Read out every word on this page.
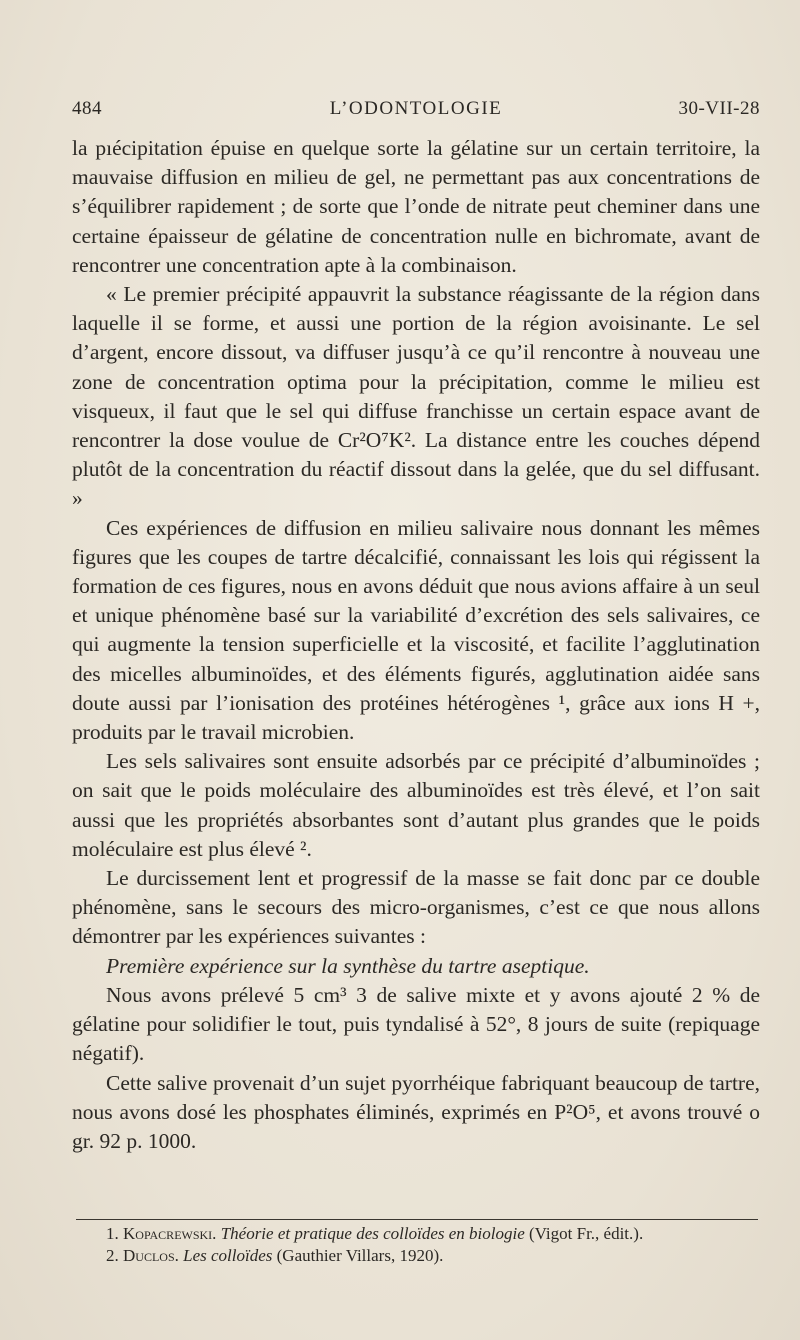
L’ODONTOLOGIE
484	30-VII-28

la pıécipitation épuise en quelque sorte la gélatine sur un certain territoire, la mauvaise diffusion en milieu de gel, ne permettant pas aux concentrations de s’équilibrer rapidement ; de sorte que l’onde de nitrate peut cheminer dans une certaine épaisseur de gélatine de concentration nulle en bichromate, avant de rencontrer une concentration apte à la combinaison.

« Le premier précipité appauvrit la substance réagissante de la région dans laquelle il se forme, et aussi une portion de la région avoisinante. Le sel d’argent, encore dissout, va diffuser jusqu’à ce qu’il rencontre à nouveau une zone de concentration optima pour la précipitation, comme le milieu est visqueux, il faut que le sel qui diffuse franchisse un certain espace avant de rencontrer la dose voulue de Cr²O⁷K². La distance entre les couches dépend plutôt de la concentration du réactif dissout dans la gelée, que du sel diffusant. »

Ces expériences de diffusion en milieu salivaire nous donnant les mêmes figures que les coupes de tartre décalcifié, connaissant les lois qui régissent la formation de ces figures, nous en avons déduit que nous avions affaire à un seul et unique phénomène basé sur la variabilité d’excrétion des sels salivaires, ce qui augmente la tension superficielle et la viscosité, et facilite l’agglutination des micelles albuminoïdes, et des éléments figurés, agglutination aidée sans doute aussi par l’ionisation des protéines hétérogènes ¹, grâce aux ions H +, produits par le travail microbien.

Les sels salivaires sont ensuite adsorbés par ce précipité d’albuminoïdes ; on sait que le poids moléculaire des albuminoïdes est très élevé, et l’on sait aussi que les propriétés absorbantes sont d’autant plus grandes que le poids moléculaire est plus élevé ².

Le durcissement lent et progressif de la masse se fait donc par ce double phénomène, sans le secours des micro-organismes, c’est ce que nous allons démontrer par les expériences suivantes :

Première expérience sur la synthèse du tartre aseptique.

Nous avons prélevé 5 cm³ 3 de salive mixte et y avons ajouté 2 % de gélatine pour solidifier le tout, puis tyndalisé à 52°, 8 jours de suite (repiquage négatif).

Cette salive provenait d’un sujet pyorrhéique fabriquant beaucoup de tartre, nous avons dosé les phosphates éliminés, exprimés en P²O⁵, et avons trouvé o gr. 92 p. 1000.

1. Kopacrewski. Théorie et pratique des colloïdes en biologie (Vigot Fr., édit.).
2. Duclos. Les colloïdes (Gauthier Villars, 1920).
